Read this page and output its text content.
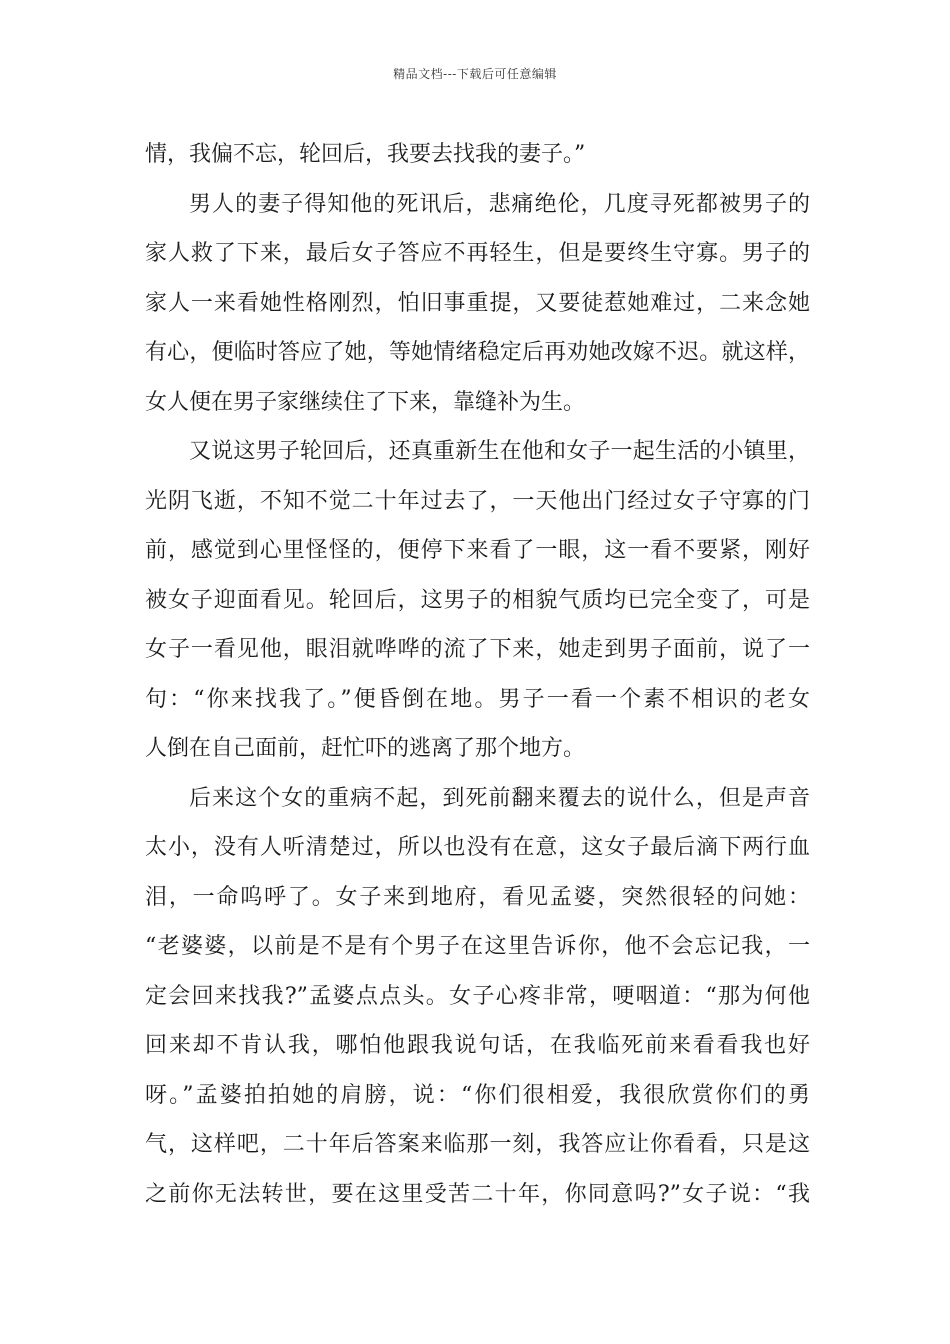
精品文档---下载后可任意编辑
情，我偏不忘，轮回后，我要去找我的妻子。”
男人的妻子得知他的死讯后，悲痛绝伦，几度寻死都被男子的
家人救了下来，最后女子答应不再轻生，但是要终生守寡。男子的
家人一来看她性格刚烈，怕旧事重提，又要徒惹她难过，二来念她
有心，便临时答应了她，等她情绪稳定后再劝她改嫁不迟。就这样，
女人便在男子家继续住了下来，靠缝补为生。
又说这男子轮回后，还真重新生在他和女子一起生活的小镇里，
光阴飞逝，不知不觉二十年过去了，一天他出门经过女子守寡的门
前，感觉到心里怪怪的，便停下来看了一眼，这一看不要紧，刚好
被女子迎面看见。轮回后，这男子的相貌气质均已完全变了，可是
女子一看见他，眼泪就哗哗的流了下来，她走到男子面前，说了一
句：“你来找我了。”便昏倒在地。男子一看一个素不相识的老女
人倒在自己面前，赶忙吓的逃离了那个地方。
后来这个女的重病不起，到死前翻来覆去的说什么，但是声音
太小，没有人听清楚过，所以也没有在意，这女子最后滴下两行血
泪，一命呜呼了。女子来到地府，看见孟婆，突然很轻的问她：
“老婆婆，以前是不是有个男子在这里告诉你，他不会忘记我，一
定会回来找我?”孟婆点点头。女子心疼非常，哽咽道：“那为何他
回来却不肯认我，哪怕他跟我说句话，在我临死前来看看我也好
呀。”孟婆拍拍她的肩膀，说：“你们很相爱，我很欣赏你们的勇
气，这样吧，二十年后答案来临那一刻，我答应让你看看，只是这
之前你无法转世，要在这里受苦二十年，你同意吗?”女子说：“我
